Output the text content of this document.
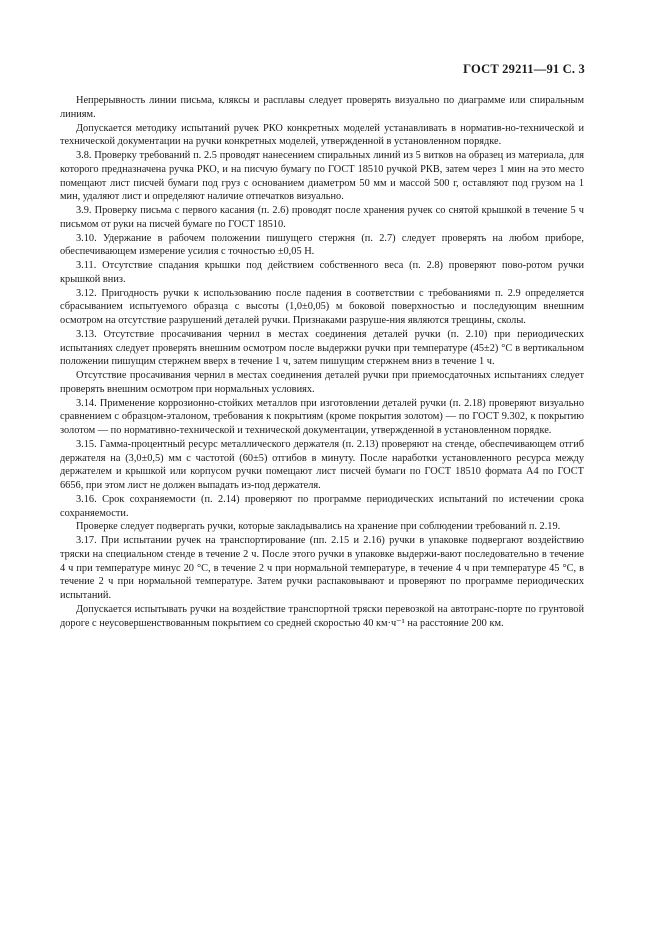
ГОСТ 29211—91 С. 3

Непрерывность линии письма, кляксы и расплавы следует проверять визуально по диаграмме или спиральным линиям.

Допускается методику испытаний ручек РКО конкретных моделей устанавливать в норматив-но-технической и технической документации на ручки конкретных моделей, утвержденной в установленном порядке.

3.8. Проверку требований п. 2.5 проводят нанесением спиральных линий из 5 витков на образец из материала, для которого предназначена ручка РКО, и на писчую бумагу по ГОСТ 18510 ручкой РКВ, затем через 1 мин на это место помещают лист писчей бумаги под груз с основанием диаметром 50 мм и массой 500 г, оставляют под грузом на 1 мин, удаляют лист и определяют наличие отпечатков визуально.

3.9. Проверку письма с первого касания (п. 2.6) проводят после хранения ручек со снятой крышкой в течение 5 ч письмом от руки на писчей бумаге по ГОСТ 18510.

3.10. Удержание в рабочем положении пишущего стержня (п. 2.7) следует проверять на любом приборе, обеспечивающем измерение усилия с точностью ±0,05 Н.

3.11. Отсутствие спадания крышки под действием собственного веса (п. 2.8) проверяют пово-ротом ручки крышкой вниз.

3.12. Пригодность ручки к использованию после падения в соответствии с требованиями п. 2.9 определяется сбрасыванием испытуемого образца с высоты (1,0±0,05) м боковой поверхностью и последующим внешним осмотром на отсутствие разрушений деталей ручки. Признаками разруше-ния являются трещины, сколы.

3.13. Отсутствие просачивания чернил в местах соединения деталей ручки (п. 2.10) при периодических испытаниях следует проверять внешним осмотром после выдержки ручки при температуре (45±2) °С в вертикальном положении пишущим стержнем вверх в течение 1 ч, затем пишущим стержнем вниз в течение 1 ч.

Отсутствие просачивания чернил в местах соединения деталей ручки при приемосдаточных испытаниях следует проверять внешним осмотром при нормальных условиях.

3.14. Применение коррозионно-стойких металлов при изготовлении деталей ручки (п. 2.18) проверяют визуально сравнением с образцом-эталоном, требования к покрытиям (кроме покрытия золотом) — по ГОСТ 9.302, к покрытию золотом — по нормативно-технической и технической документации, утвержденной в установленном порядке.

3.15. Гамма-процентный ресурс металлического держателя (п. 2.13) проверяют на стенде, обеспечивающем отгиб держателя на (3,0±0,5) мм с частотой (60±5) отгибов в минуту. После наработки установленного ресурса между держателем и крышкой или корпусом ручки помещают лист писчей бумаги по ГОСТ 18510 формата А4 по ГОСТ 6656, при этом лист не должен выпадать из-под держателя.

3.16. Срок сохраняемости (п. 2.14) проверяют по программе периодических испытаний по истечении срока сохраняемости.

Проверке следует подвергать ручки, которые закладывались на хранение при соблюдении требований п. 2.19.

3.17. При испытании ручек на транспортирование (пп. 2.15 и 2.16) ручки в упаковке подвергают воздействию тряски на специальном стенде в течение 2 ч. После этого ручки в упаковке выдержи-вают последовательно в течение 4 ч при температуре минус 20 °С, в течение 2 ч при нормальной температуре, в течение 4 ч при температуре 45 °С, в течение 2 ч при нормальной температуре. Затем ручки распаковывают и проверяют по программе периодических испытаний.

Допускается испытывать ручки на воздействие транспортной тряски перевозкой на автотранс-порте по грунтовой дороге с неусовершенствованным покрытием со средней скоростью 40 км·ч⁻¹ на расстояние 200 км.
